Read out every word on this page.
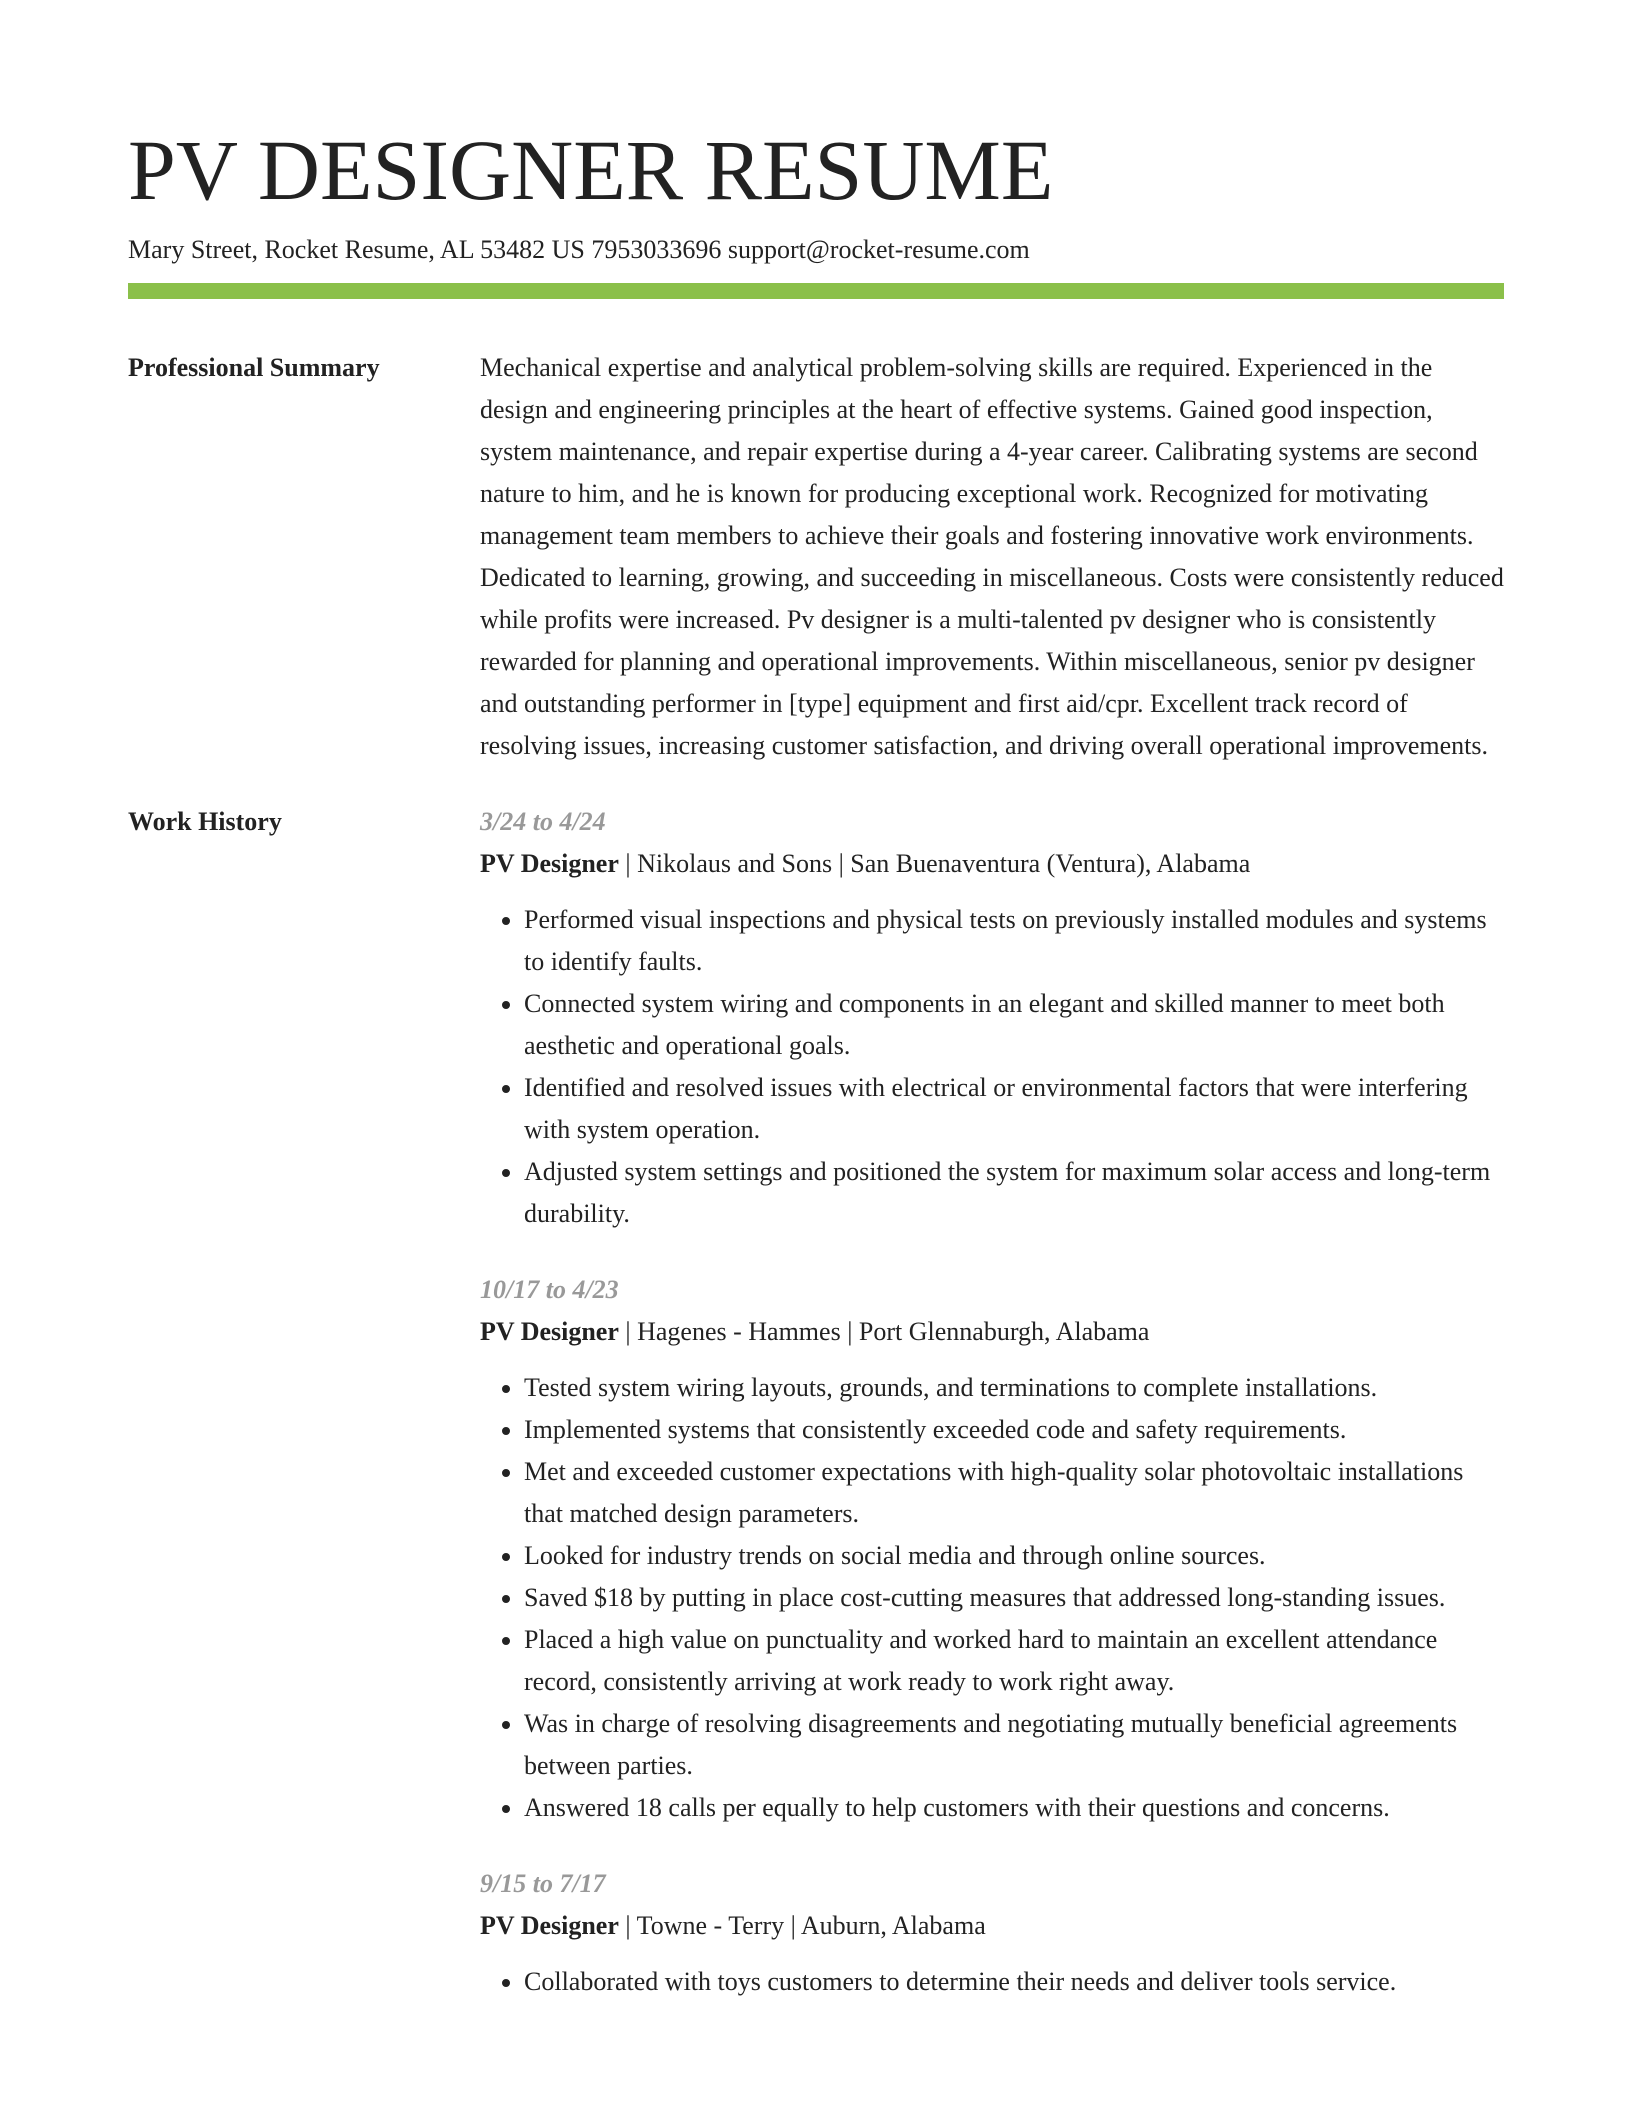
PV DESIGNER RESUME
Mary Street, Rocket Resume, AL 53482 US 7953033696 support@rocket-resume.com
Professional Summary	Mechanical expertise and analytical problem-solving skills are required. Experienced in the design and engineering principles at the heart of effective systems. Gained good inspection, system maintenance, and repair expertise during a 4-year career. Calibrating systems are second nature to him, and he is known for producing exceptional work. Recognized for motivating management team members to achieve their goals and fostering innovative work environments. Dedicated to learning, growing, and succeeding in miscellaneous. Costs were consistently reduced while profits were increased. Pv designer is a multi-talented pv designer who is consistently rewarded for planning and operational improvements. Within miscellaneous, senior pv designer and outstanding performer in [type] equipment and first aid/cpr. Excellent track record of resolving issues, increasing customer satisfaction, and driving overall operational improvements.

Work History	3/24 to 4/24
PV Designer | Nikolaus and Sons | San Buenaventura (Ventura), Alabama
• Performed visual inspections and physical tests on previously installed modules and systems to identify faults.
• Connected system wiring and components in an elegant and skilled manner to meet both aesthetic and operational goals.
• Identified and resolved issues with electrical or environmental factors that were interfering with system operation.
• Adjusted system settings and positioned the system for maximum solar access and long-term durability.
10/17 to 4/23
PV Designer | Hagenes - Hammes | Port Glennaburgh, Alabama
• Tested system wiring layouts, grounds, and terminations to complete installations.
• Implemented systems that consistently exceeded code and safety requirements.
• Met and exceeded customer expectations with high-quality solar photovoltaic installations that matched design parameters.
• Looked for industry trends on social media and through online sources.
• Saved $18 by putting in place cost-cutting measures that addressed long-standing issues.
• Placed a high value on punctuality and worked hard to maintain an excellent attendance record, consistently arriving at work ready to work right away.
• Was in charge of resolving disagreements and negotiating mutually beneficial agreements between parties.
• Answered 18 calls per equally to help customers with their questions and concerns.
9/15 to 7/17
PV Designer | Towne - Terry | Auburn, Alabama
• Collaborated with toys customers to determine their needs and deliver tools service.
